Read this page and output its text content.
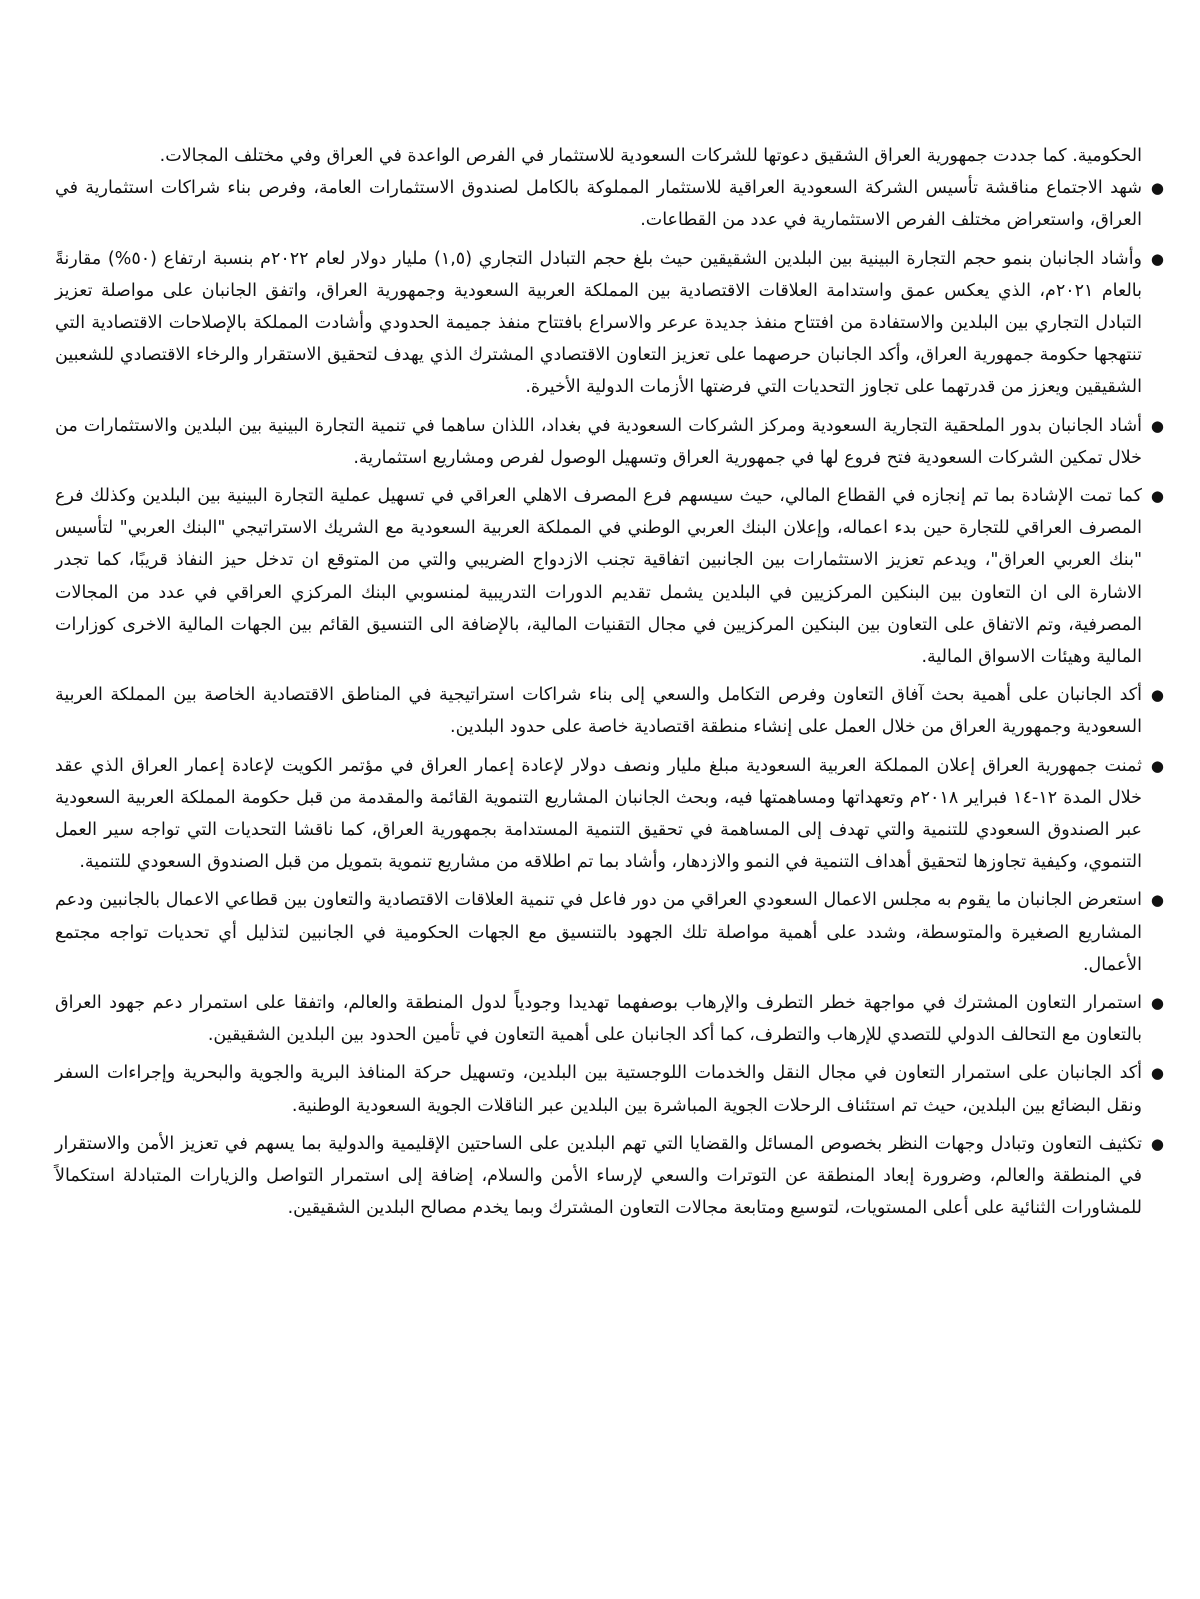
الحكومية. كما جددت جمهورية العراق الشقيق دعوتها للشركات السعودية للاستثمار في الفرص الواعدة في العراق وفي مختلف المجالات.

●
شهد الاجتماع مناقشة تأسيس الشركة السعودية العراقية للاستثمار المملوكة بالكامل لصندوق الاستثمارات العامة، وفرص بناء شراكات استثمارية في العراق، واستعراض مختلف الفرص الاستثمارية في عدد من القطاعات.
●
وأشاد الجانبان بنمو حجم التجارة البينية بين البلدين الشقيقين حيث بلغ حجم التبادل التجاري (١,٥) مليار دولار لعام ٢٠٢٢م بنسبة ارتفاع (٥٠%) مقارنةً بالعام ٢٠٢١م، الذي يعكس عمق واستدامة العلاقات الاقتصادية بين المملكة العربية السعودية وجمهورية العراق، واتفق الجانبان على مواصلة تعزيز التبادل التجاري بين البلدين والاستفادة من افتتاح منفذ جديدة عرعر والاسراع بافتتاح منفذ جميمة الحدودي وأشادت المملكة بالإصلاحات الاقتصادية التي تنتهجها حكومة جمهورية العراق، وأكد الجانبان حرصهما على تعزيز التعاون الاقتصادي المشترك الذي يهدف لتحقيق الاستقرار والرخاء الاقتصادي للشعبين الشقيقين ويعزز من قدرتهما على تجاوز التحديات التي فرضتها الأزمات الدولية الأخيرة.
●
أشاد الجانبان بدور الملحقية التجارية السعودية ومركز الشركات السعودية في بغداد، اللذان ساهما في تنمية التجارة البينية بين البلدين والاستثمارات من خلال تمكين الشركات السعودية فتح فروع لها في جمهورية العراق وتسهيل الوصول لفرص ومشاريع استثمارية.
●
كما تمت الإشادة بما تم إنجازه في القطاع المالي، حيث سيسهم فرع المصرف الاهلي العراقي في تسهيل عملية التجارة البينية بين البلدين وكذلك فرع المصرف العراقي للتجارة حين بدء اعماله، وإعلان البنك العربي الوطني في المملكة العربية السعودية مع الشريك الاستراتيجي "البنك العربي" لتأسيس "بنك العربي العراق"، ويدعم تعزيز الاستثمارات بين الجانبين اتفاقية تجنب الازدواج الضريبي والتي من المتوقع ان تدخل حيز النفاذ قريبًا، كما تجدر الاشارة الى ان التعاون بين البنكين المركزيين في البلدين يشمل تقديم الدورات التدريبية لمنسوبي البنك المركزي العراقي في عدد من المجالات المصرفية، وتم الاتفاق على التعاون بين البنكين المركزيين في مجال التقنيات المالية، بالإضافة الى التنسيق القائم بين الجهات المالية الاخرى كوزارات المالية وهيئات الاسواق المالية.
●
أكد الجانبان على أهمية بحث آفاق التعاون وفرص التكامل والسعي إلى بناء شراكات استراتيجية في المناطق الاقتصادية الخاصة بين المملكة العربية السعودية وجمهورية العراق من خلال العمل على إنشاء منطقة اقتصادية خاصة على حدود البلدين.
●
ثمنت جمهورية العراق إعلان المملكة العربية السعودية مبلغ مليار ونصف دولار لإعادة إعمار العراق في مؤتمر الكويت لإعادة إعمار العراق الذي عقد خلال المدة ١٢-١٤ فبراير ٢٠١٨م وتعهداتها ومساهمتها فيه، وبحث الجانبان المشاريع التنموية القائمة والمقدمة من قبل حكومة المملكة العربية السعودية عبر الصندوق السعودي للتنمية والتي تهدف إلى المساهمة في تحقيق التنمية المستدامة بجمهورية العراق، كما ناقشا التحديات التي تواجه سير العمل التنموي، وكيفية تجاوزها لتحقيق أهداف التنمية في النمو والازدهار، وأشاد بما تم اطلاقه من مشاريع تنموية بتمويل من قبل الصندوق السعودي للتنمية.
●
استعرض الجانبان ما يقوم به مجلس الاعمال السعودي العراقي من دور فاعل في تنمية العلاقات الاقتصادية والتعاون بين قطاعي الاعمال بالجانبين ودعم المشاريع الصغيرة والمتوسطة، وشدد على أهمية مواصلة تلك الجهود بالتنسيق مع الجهات الحكومية في الجانبين لتذليل أي تحديات تواجه مجتمع الأعمال.
●
استمرار التعاون المشترك في مواجهة خطر التطرف والإرهاب بوصفهما تهديدا وجودياً لدول المنطقة والعالم، واتفقا على استمرار دعم جهود العراق بالتعاون مع التحالف الدولي للتصدي للإرهاب والتطرف، كما أكد الجانبان على أهمية التعاون في تأمين الحدود بين البلدين الشقيقين.
●
أكد الجانبان على استمرار التعاون في مجال النقل والخدمات اللوجستية بين البلدين، وتسهيل حركة المنافذ البرية والجوية والبحرية وإجراءات السفر ونقل البضائع بين البلدين، حيث تم استئناف الرحلات الجوية المباشرة بين البلدين عبر الناقلات الجوية السعودية الوطنية.
●
تكثيف التعاون وتبادل وجهات النظر بخصوص المسائل والقضايا التي تهم البلدين على الساحتين الإقليمية والدولية بما يسهم في تعزيز الأمن والاستقرار في المنطقة والعالم، وضرورة إبعاد المنطقة عن التوترات والسعي لإرساء الأمن والسلام، إضافة إلى استمرار التواصل والزيارات المتبادلة استكمالاً للمشاورات الثنائية على أعلى المستويات، لتوسيع ومتابعة مجالات التعاون المشترك وبما يخدم مصالح البلدين الشقيقين.
